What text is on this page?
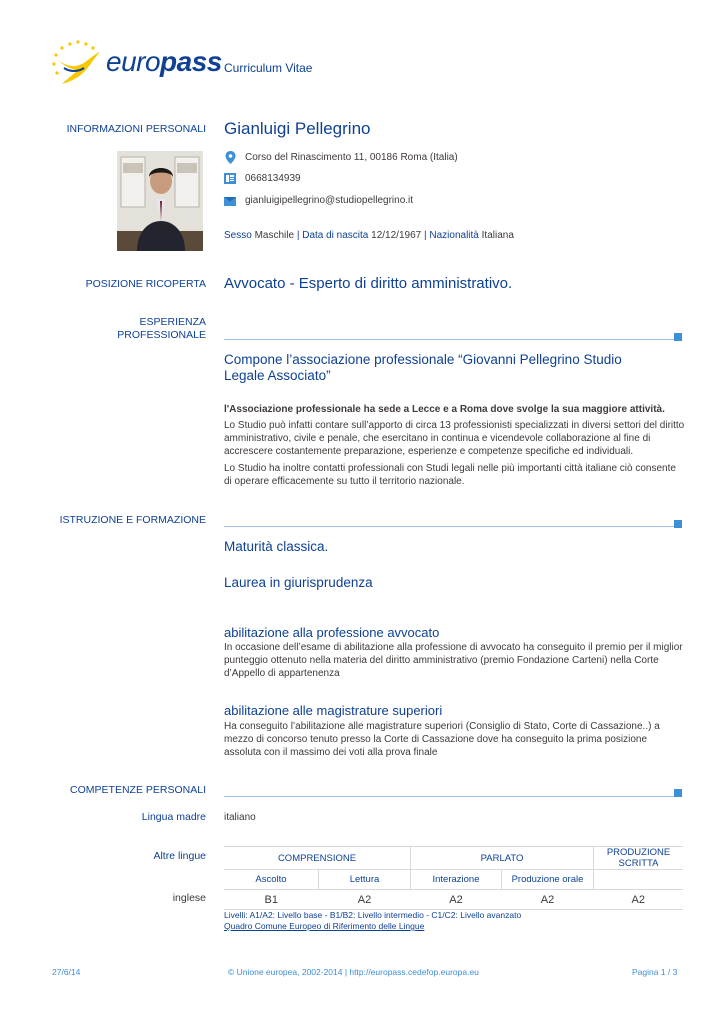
europass Curriculum Vitae
INFORMAZIONI PERSONALI Gianluigi Pellegrino
Corso del Rinascimento 11, 00186 Roma (Italia)
0668134939
gianluigipellegrino@studiopellegrino.it
Sesso Maschile | Data di nascita 12/12/1967 | Nazionalità Italiana
POSIZIONE RICOPERTA Avvocato - Esperto di diritto amministrativo.
ESPERIENZA
PROFESSIONALE
Compone l’associazione professionale “Giovanni Pellegrino Studio Legale Associato”
l'Associazione professionale ha sede a Lecce e a Roma dove svolge la sua maggiore attività.
Lo Studio può infatti contare sull’apporto di circa 13 professionisti specializzati in diversi settori del diritto amministrativo, civile e penale, che esercitano in continua e vicendevole collaborazione al fine di accrescere costantemente preparazione, esperienze e competenze specifiche ed individuali.
Lo Studio ha inoltre contatti professionali con Studi legali nelle più importanti città italiane ciò consente di operare efficacemente su tutto il territorio nazionale.
ISTRUZIONE E FORMAZIONE
Maturità classica.
Laurea in giurisprudenza
abilitazione alla professione avvocato
In occasione dell’esame di abilitazione alla professione di avvocato ha conseguito il premio per il miglior punteggio ottenuto nella materia del diritto amministrativo (premio Fondazione Carteni) nella Corte d’Appello di appartenenza
abilitazione alle magistrature superiori
Ha conseguito l’abilitazione alle magistrature superiori (Consiglio di Stato, Corte di Cassazione..) a mezzo di concorso tenuto presso la Corte di Cassazione dove ha conseguito la prima posizione assoluta con il massimo dei voti alla prova finale
COMPETENZE PERSONALI
Lingua madre italiano
Altre lingue
inglese
COMPRENSIONE		PARLATO		PRODUZIONE SCRITTA
Ascolto	Lettura	Interazione	Produzione orale	
B1	A2	A2	A2	A2
Livelli: A1/A2: Livello base - B1/B2: Livello intermedio - C1/C2: Livello avanzato
Quadro Comune Europeo di Riferimento delle Lingue
27/6/14	© Unione europea, 2002-2014 | http://europass.cedefop.europa.eu	Pagina 1 / 3
